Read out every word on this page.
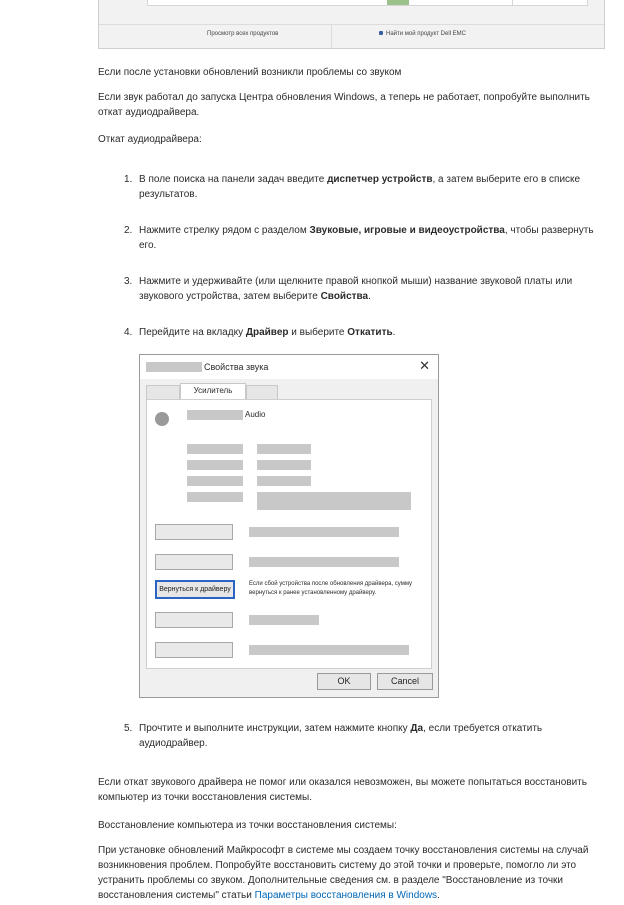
Просмотр всех продуктов	Найти мой продукт Dell EMC

Если после установки обновлений возникли проблемы со звуком

Если звук работал до запуска Центра обновления Windows, а теперь не работает, попробуйте выполнить откат аудиодрайвера.

Откат аудиодрайвера:

1. В поле поиска на панели задач введите диспетчер устройств, а затем выберите его в списке результатов.
2. Нажмите стрелку рядом с разделом Звуковые, игровые и видеоустройства, чтобы развернуть его.
3. Нажмите и удерживайте (или щелкните правой кнопкой мыши) название звуковой платы или звукового устройства, затем выберите Свойства.
4. Перейдите на вкладку Драйвер и выберите Откатить.
Свойства звука	✕
Усилитель
Audio
Вернуться к драйверу
Если сбой устройства после обновления драйвера, сумму вернуться к ранее установленному драйверу.
OK	Cancel
5. Прочтите и выполните инструкции, затем нажмите кнопку Да, если требуется откатить аудиодрайвер.

Если откат звукового драйвера не помог или оказался невозможен, вы можете попытаться восстановить компьютер из точки восстановления системы.

Восстановление компьютера из точки восстановления системы:

При установке обновлений Майкрософт в системе мы создаем точку восстановления системы на случай возникновения проблем. Попробуйте восстановить систему до этой точки и проверьте, помогло ли это устранить проблемы со звуком. Дополнительные сведения см. в разделе "Восстановление из точки восстановления системы" статьи Параметры восстановления в Windows.
